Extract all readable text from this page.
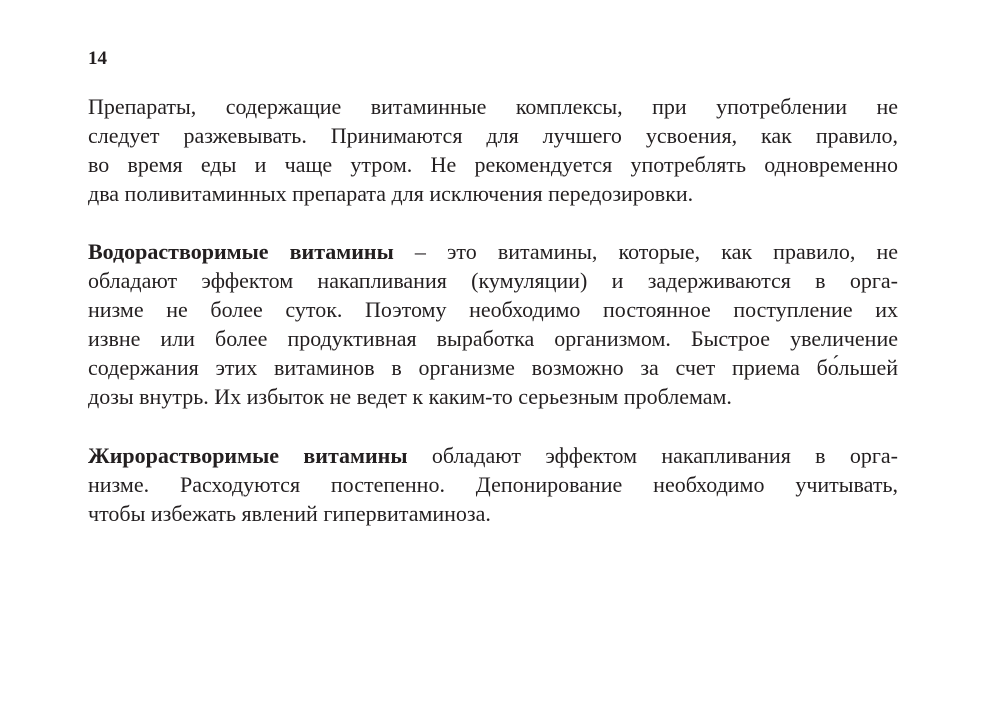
14
Препараты, содержащие витаминные комплексы, при употреблении не
следует разжевывать. Принимаются для лучшего усвоения, как правило,
во время еды и чаще утром. Не рекомендуется употреблять одновременно
два поливитаминных препарата для исключения передозировки.
Водорастворимые витамины – это витамины, которые, как правило, не
обладают эффектом накапливания (кумуляции) и задерживаются в орга-
низме не более суток. Поэтому необходимо постоянное поступление их
извне или более продуктивная выработка организмом. Быстрое увеличение
содержания этих витаминов в организме возможно за счет приема бо́льшей
дозы внутрь. Их избыток не ведет к каким-то серьезным проблемам.
Жирорастворимые витамины обладают эффектом накапливания в орга-
низме. Расходуются постепенно. Депонирование необходимо учитывать,
чтобы избежать явлений гипервитаминоза.
